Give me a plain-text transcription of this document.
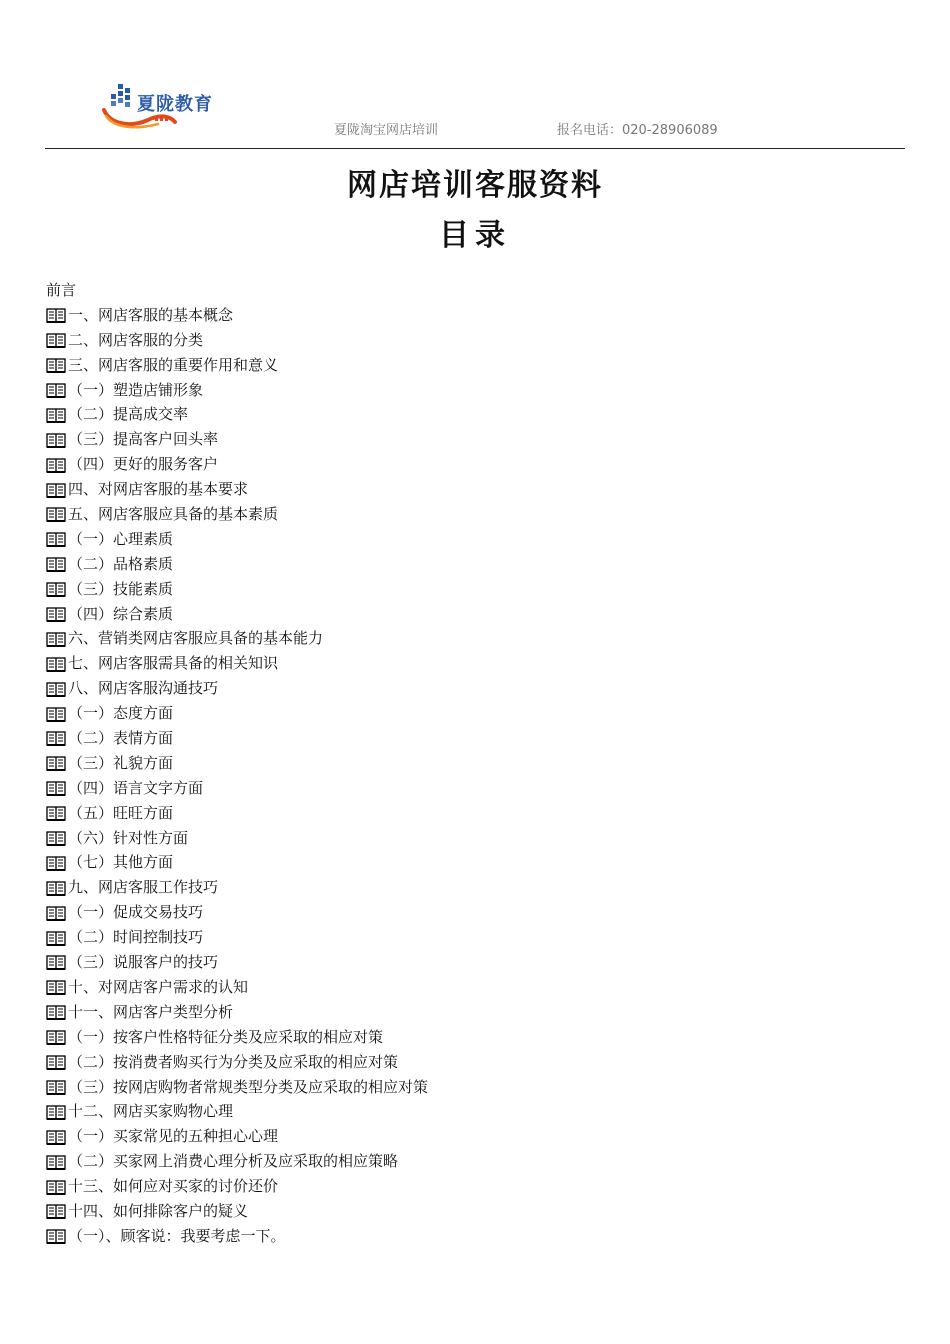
夏陇教育
夏陇淘宝网店培训	报名电话：020-28906089
网店培训客服资料
目录
前言
一、网店客服的基本概念
二、网店客服的分类
三、网店客服的重要作用和意义
（一）塑造店铺形象
（二）提高成交率
（三）提高客户回头率
（四）更好的服务客户
四、对网店客服的基本要求
五、网店客服应具备的基本素质
（一）心理素质
（二）品格素质
（三）技能素质
（四）综合素质
六、营销类网店客服应具备的基本能力
七、网店客服需具备的相关知识
八、网店客服沟通技巧
（一）态度方面
（二）表情方面
（三）礼貌方面
（四）语言文字方面
（五）旺旺方面
（六）针对性方面
（七）其他方面
九、网店客服工作技巧
（一）促成交易技巧
（二）时间控制技巧
（三）说服客户的技巧
十、对网店客户需求的认知
十一、网店客户类型分析
（一）按客户性格特征分类及应采取的相应对策
（二）按消费者购买行为分类及应采取的相应对策
（三）按网店购物者常规类型分类及应采取的相应对策
十二、网店买家购物心理
（一）买家常见的五种担心心理
（二）买家网上消费心理分析及应采取的相应策略
十三、如何应对买家的讨价还价
十四、如何排除客户的疑义
（一）、顾客说：我要考虑一下。
